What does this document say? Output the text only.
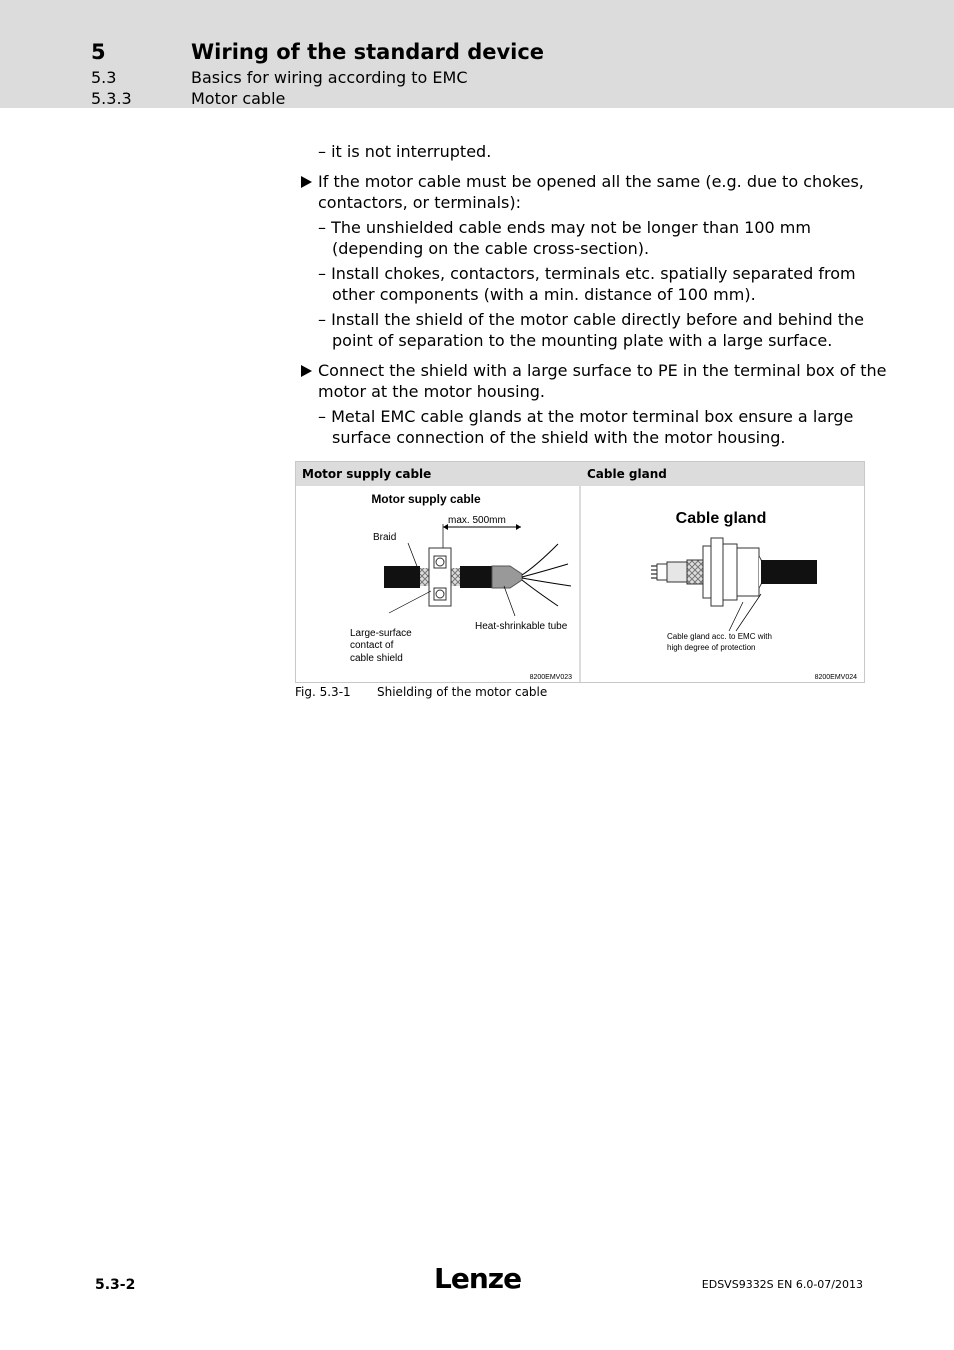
5	Wiring of the standard device
5.3	Basics for wiring according to EMC
5.3.3	Motor cable
– it is not interrupted.
If the motor cable must be opened all the same (e.g. due to chokes,
contactors, or terminals):
– The unshielded cable ends may not be longer than 100 mm
(depending on the cable cross-section).
– Install chokes, contactors, terminals etc. spatially separated from
other components (with a min. distance of 100 mm).
– Install the shield of the motor cable directly before and behind the
point of separation to the mounting plate with a large surface.
Connect the shield with a large surface to PE in the terminal box of the
motor at the motor housing.
– Metal EMC cable glands at the motor terminal box ensure a large
surface connection of the shield with the motor housing.
Motor supply cable	Cable gland
Motor supply cable
max. 500mm
Braid
Large-surface
contact of
cable shield
Heat-shrinkable tube
8200EMV023
Cable gland
Cable gland acc. to EMC with
high degree of protection
8200EMV024
Fig. 5.3-1 Shielding of the motor cable
5.3-2	Lenze	EDSVS9332S EN 6.0-07/2013
